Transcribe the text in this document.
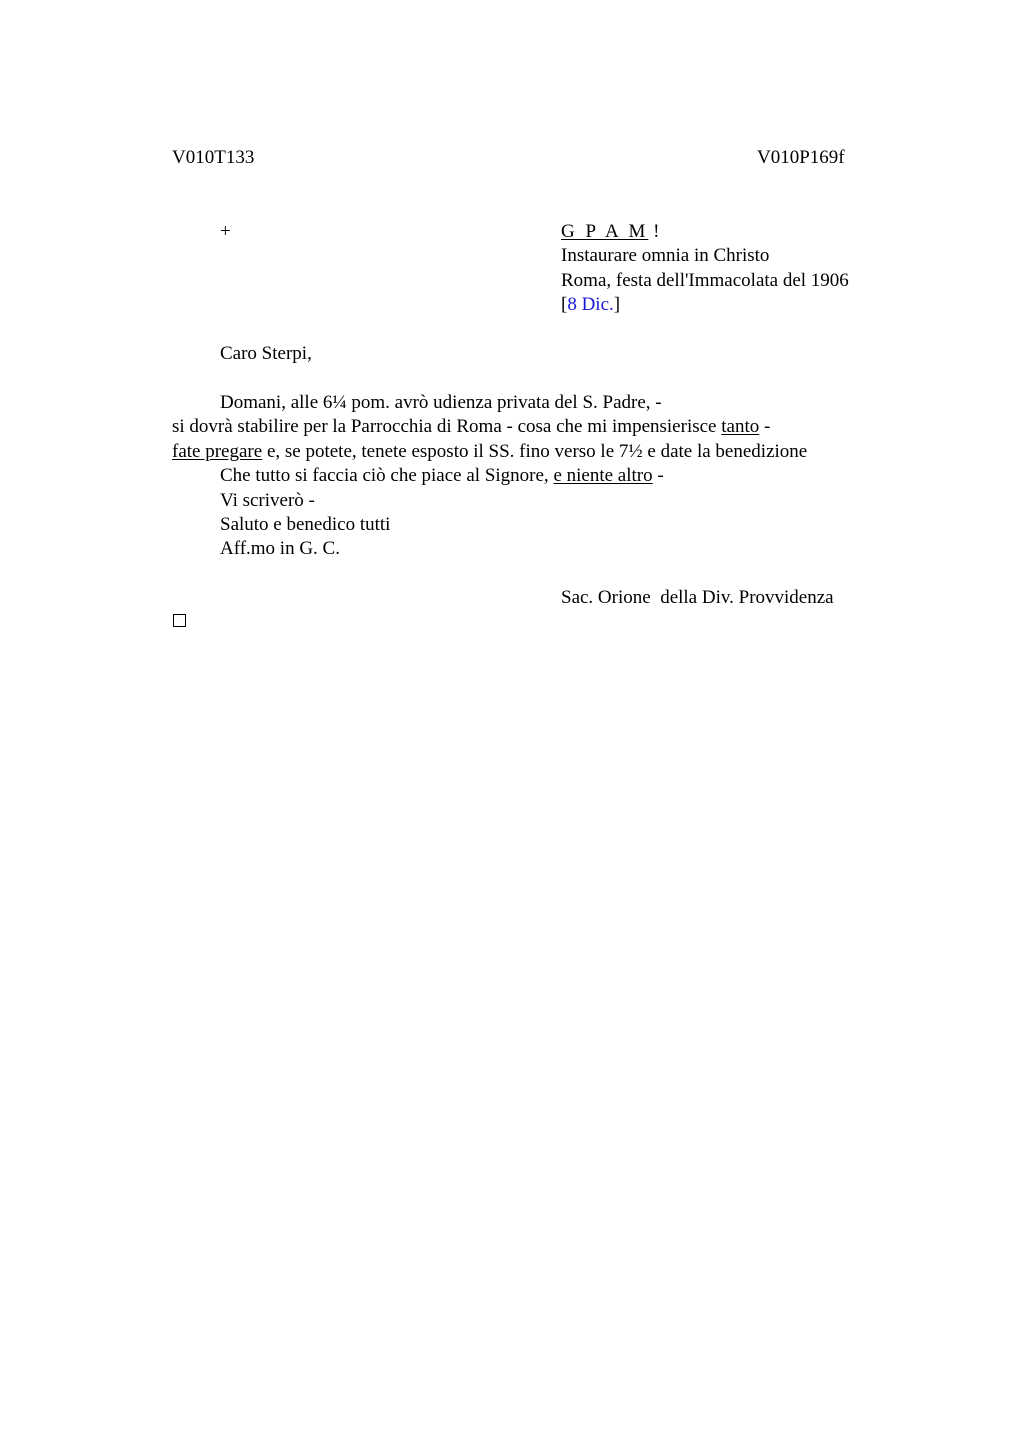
V010T133	V010P169f
+	G P A M !
Instaurare omnia in Christo
Roma, festa dell'Immacolata del 1906
[8 Dic.]
Caro Sterpi,
Domani, alle 6¼ pom. avrò udienza privata del S. Padre, -
si dovrà stabilire per la Parrocchia di Roma - cosa che mi impensierisce tanto -
fate pregare e, se potete, tenete esposto il SS. fino verso le 7½ e date la benedizione
Che tutto si faccia ciò che piace al Signore, e niente altro -
Vi scriverò -
Saluto e benedico tutti
Aff.mo in G. C.
Sac. Orione  della Div. Provvidenza
